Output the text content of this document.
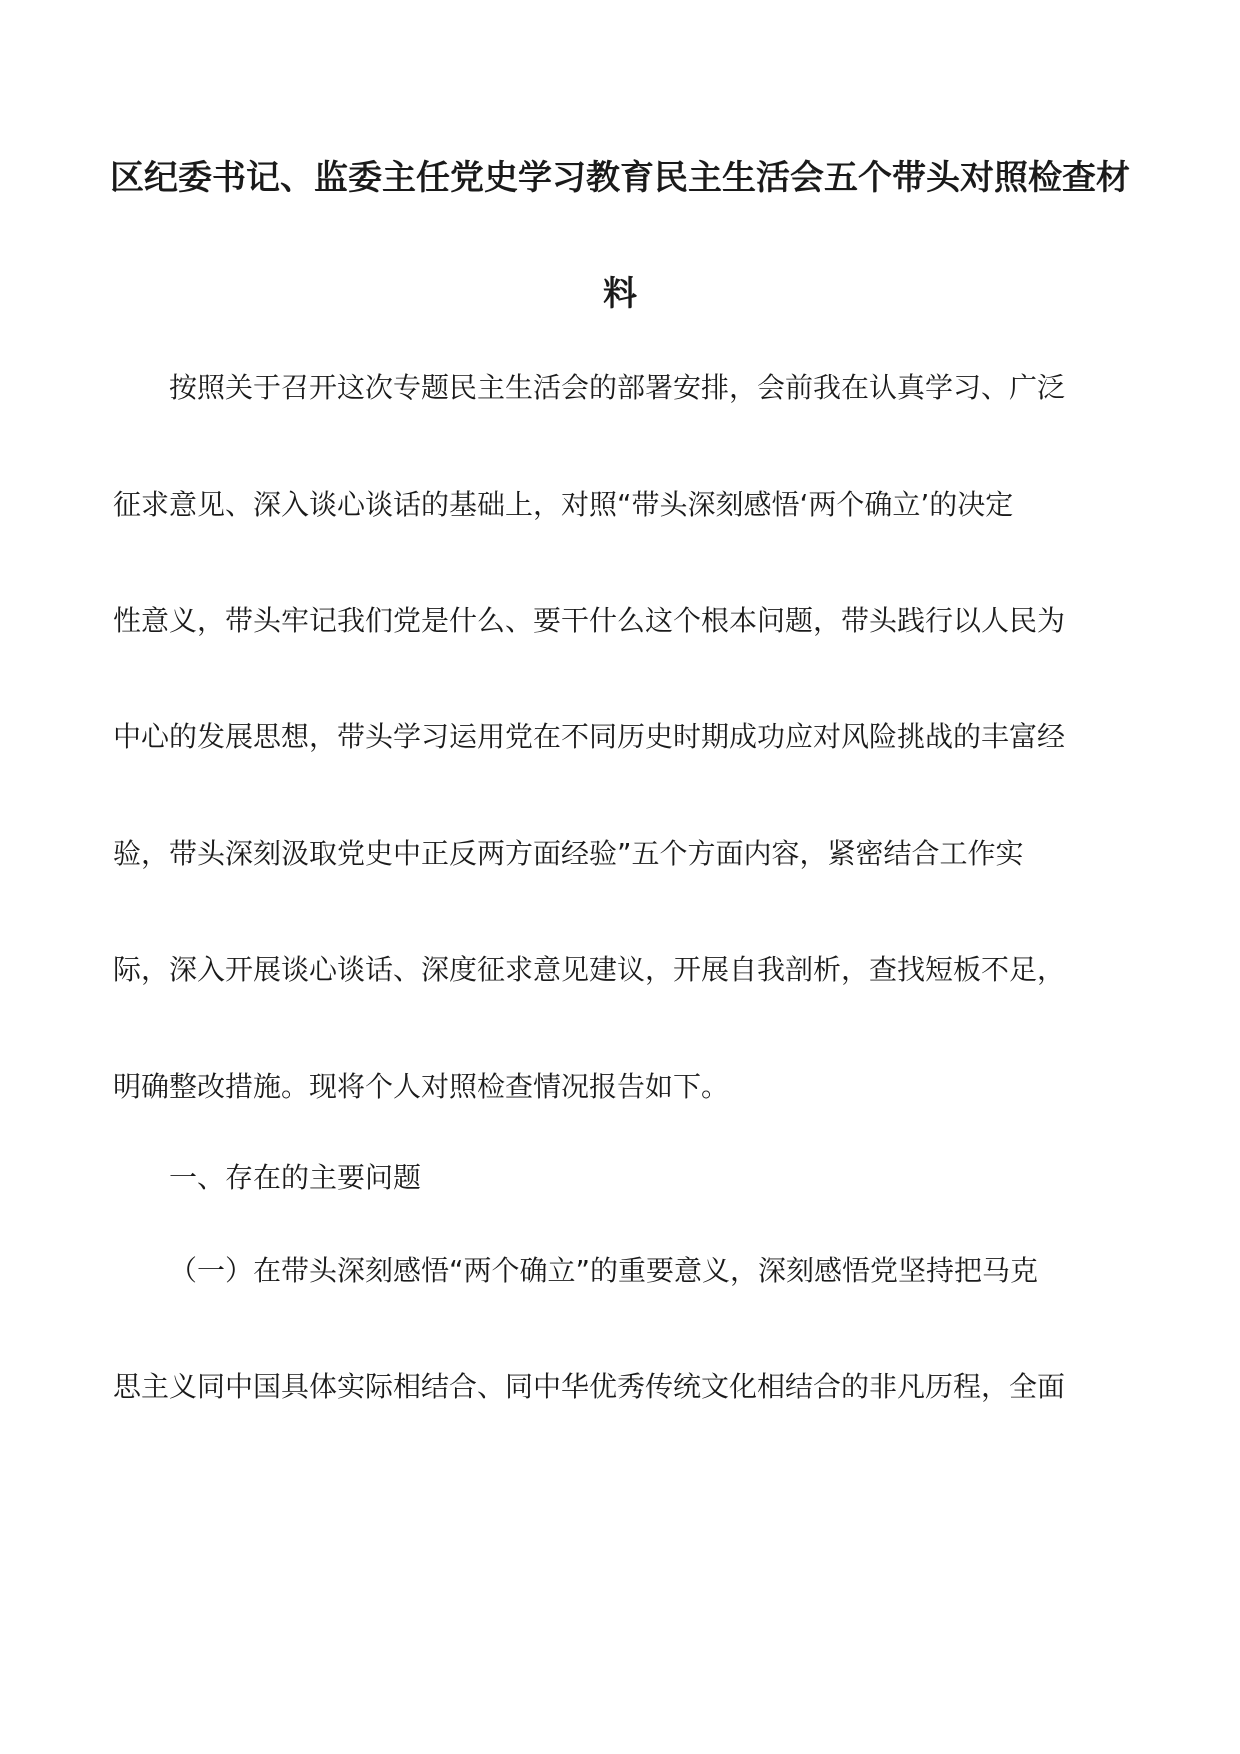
区纪委书记、监委主任党史学习教育民主生活会五个带头对照检查材
料
按照关于召开这次专题民主生活会的部署安排，会前我在认真学习、广泛
征求意见、深入谈心谈话的基础上，对照“带头深刻感悟‘两个确立’的决定
性意义，带头牢记我们党是什么、要干什么这个根本问题，带头践行以人民为
中心的发展思想，带头学习运用党在不同历史时期成功应对风险挑战的丰富经
验，带头深刻汲取党史中正反两方面经验”五个方面内容，紧密结合工作实
际，深入开展谈心谈话、深度征求意见建议，开展自我剖析，查找短板不足，
明确整改措施。现将个人对照检查情况报告如下。
一、存在的主要问题
（一）在带头深刻感悟“两个确立”的重要意义，深刻感悟党坚持把马克
思主义同中国具体实际相结合、同中华优秀传统文化相结合的非凡历程，全面
